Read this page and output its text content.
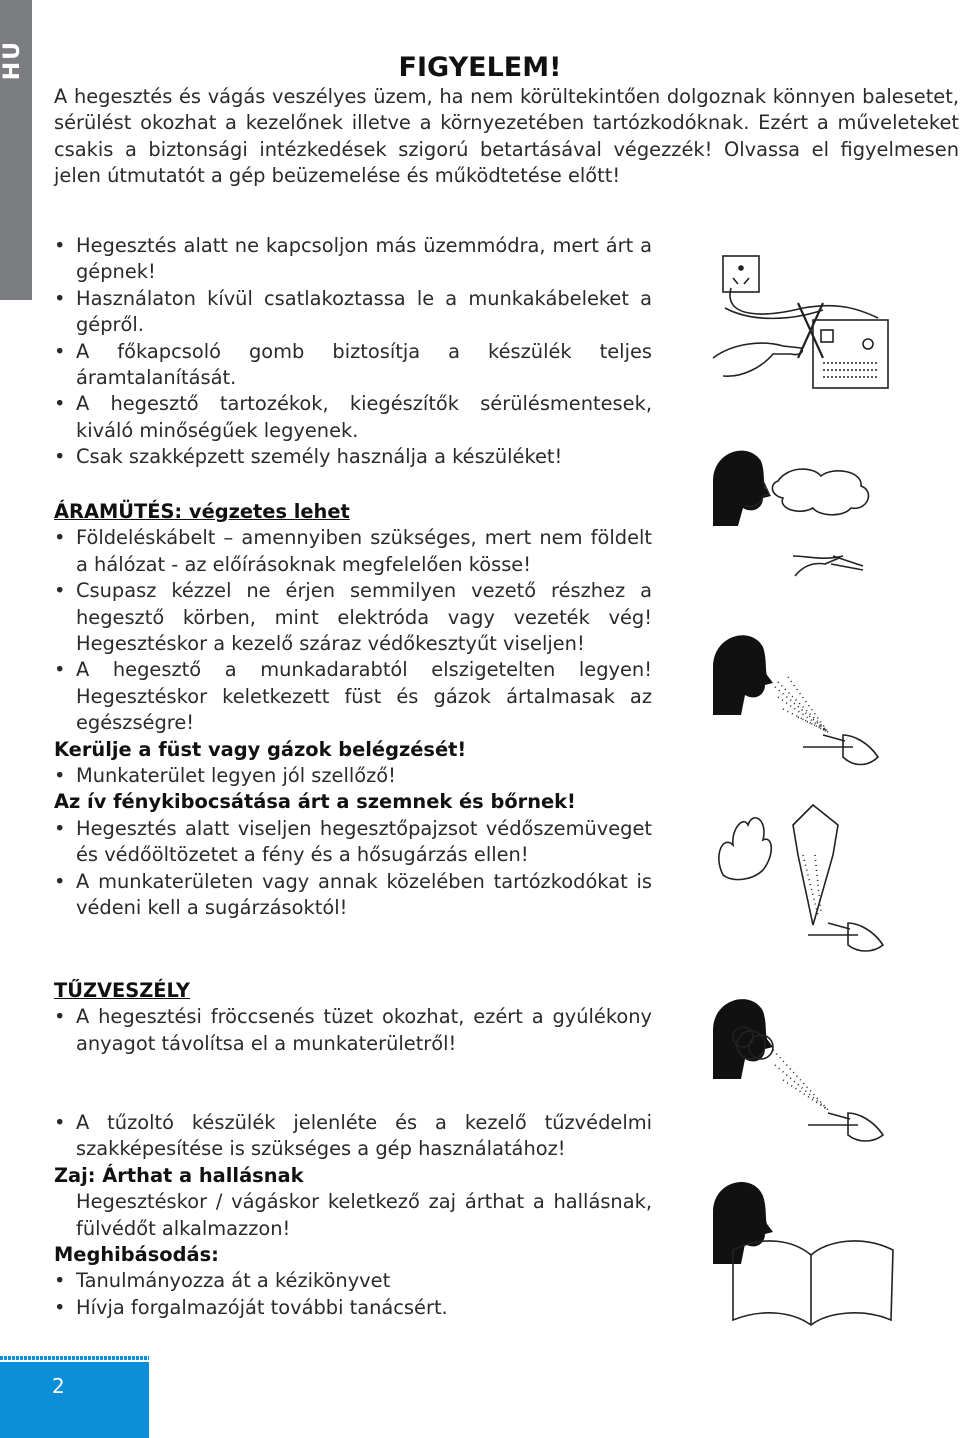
HU	FIGYELEM!
A hegesztés és vágás veszélyes üzem, ha nem körültekintően dolgoznak könnyen balesetet, sérülést okozhat a kezelőnek illetve a környezetében tartózkodóknak. Ezért a műveleteket csakis a biztonsági intézkedések szigorú betartásával végezzék! Olvassa el figyelmesen jelen útmutatót a gép beüzemelése és működtetése előtt!
• Hegesztés alatt ne kapcsoljon más üzemmódra, mert árt a gépnek!
• Használaton kívül csatlakoztassa le a munkakábeleket a gépről.
• A főkapcsoló gomb biztosítja a készülék teljes áramtalanítását.
• A hegesztő tartozékok, kiegészítők sérülésmentesek, kiváló minőségűek legyenek.
• Csak szakképzett személy használja a készüléket!
ÁRAMÜTÉS: végzetes lehet
• Földeléskábelt – amennyiben szükséges, mert nem földelt a hálózat - az előírásoknak megfelelően kösse!
• Csupasz kézzel ne érjen semmilyen vezető részhez a hegesztő körben, mint elektróda vagy vezeték vég! Hegesztéskor a kezelő száraz védőkesztyűt viseljen!
• A hegesztő a munkadarabtól elszigetelten legyen! Hegesztéskor keletkezett füst és gázok ártalmasak az egészségre!
Kerülje a füst vagy gázok belégzését!
• Munkaterület legyen jól szellőző!
Az ív fénykibocsátása árt a szemnek és bőrnek!
• Hegesztés alatt viseljen hegesztőpajzsot védőszemüveget és védőöltözetet a fény és a hősugárzás ellen!
• A munkaterületen vagy annak közelében tartózkodókat is védeni kell a sugárzásoktól!
TŰZVESZÉLY
• A hegesztési fröccsenés tüzet okozhat, ezért a gyúlékony anyagot távolítsa el a munkaterületről!
• A tűzoltó készülék jelenléte és a kezelő tűzvédelmi szakképesítése is szükséges a gép használatához!
Zaj: Árthat a hallásnak
Hegesztéskor / vágáskor keletkező zaj árthat a hallásnak, fülvédőt alkalmazzon!
Meghibásodás:
• Tanulmányozza át a kézikönyvet
• Hívja forgalmazóját további tanácsért.
2
